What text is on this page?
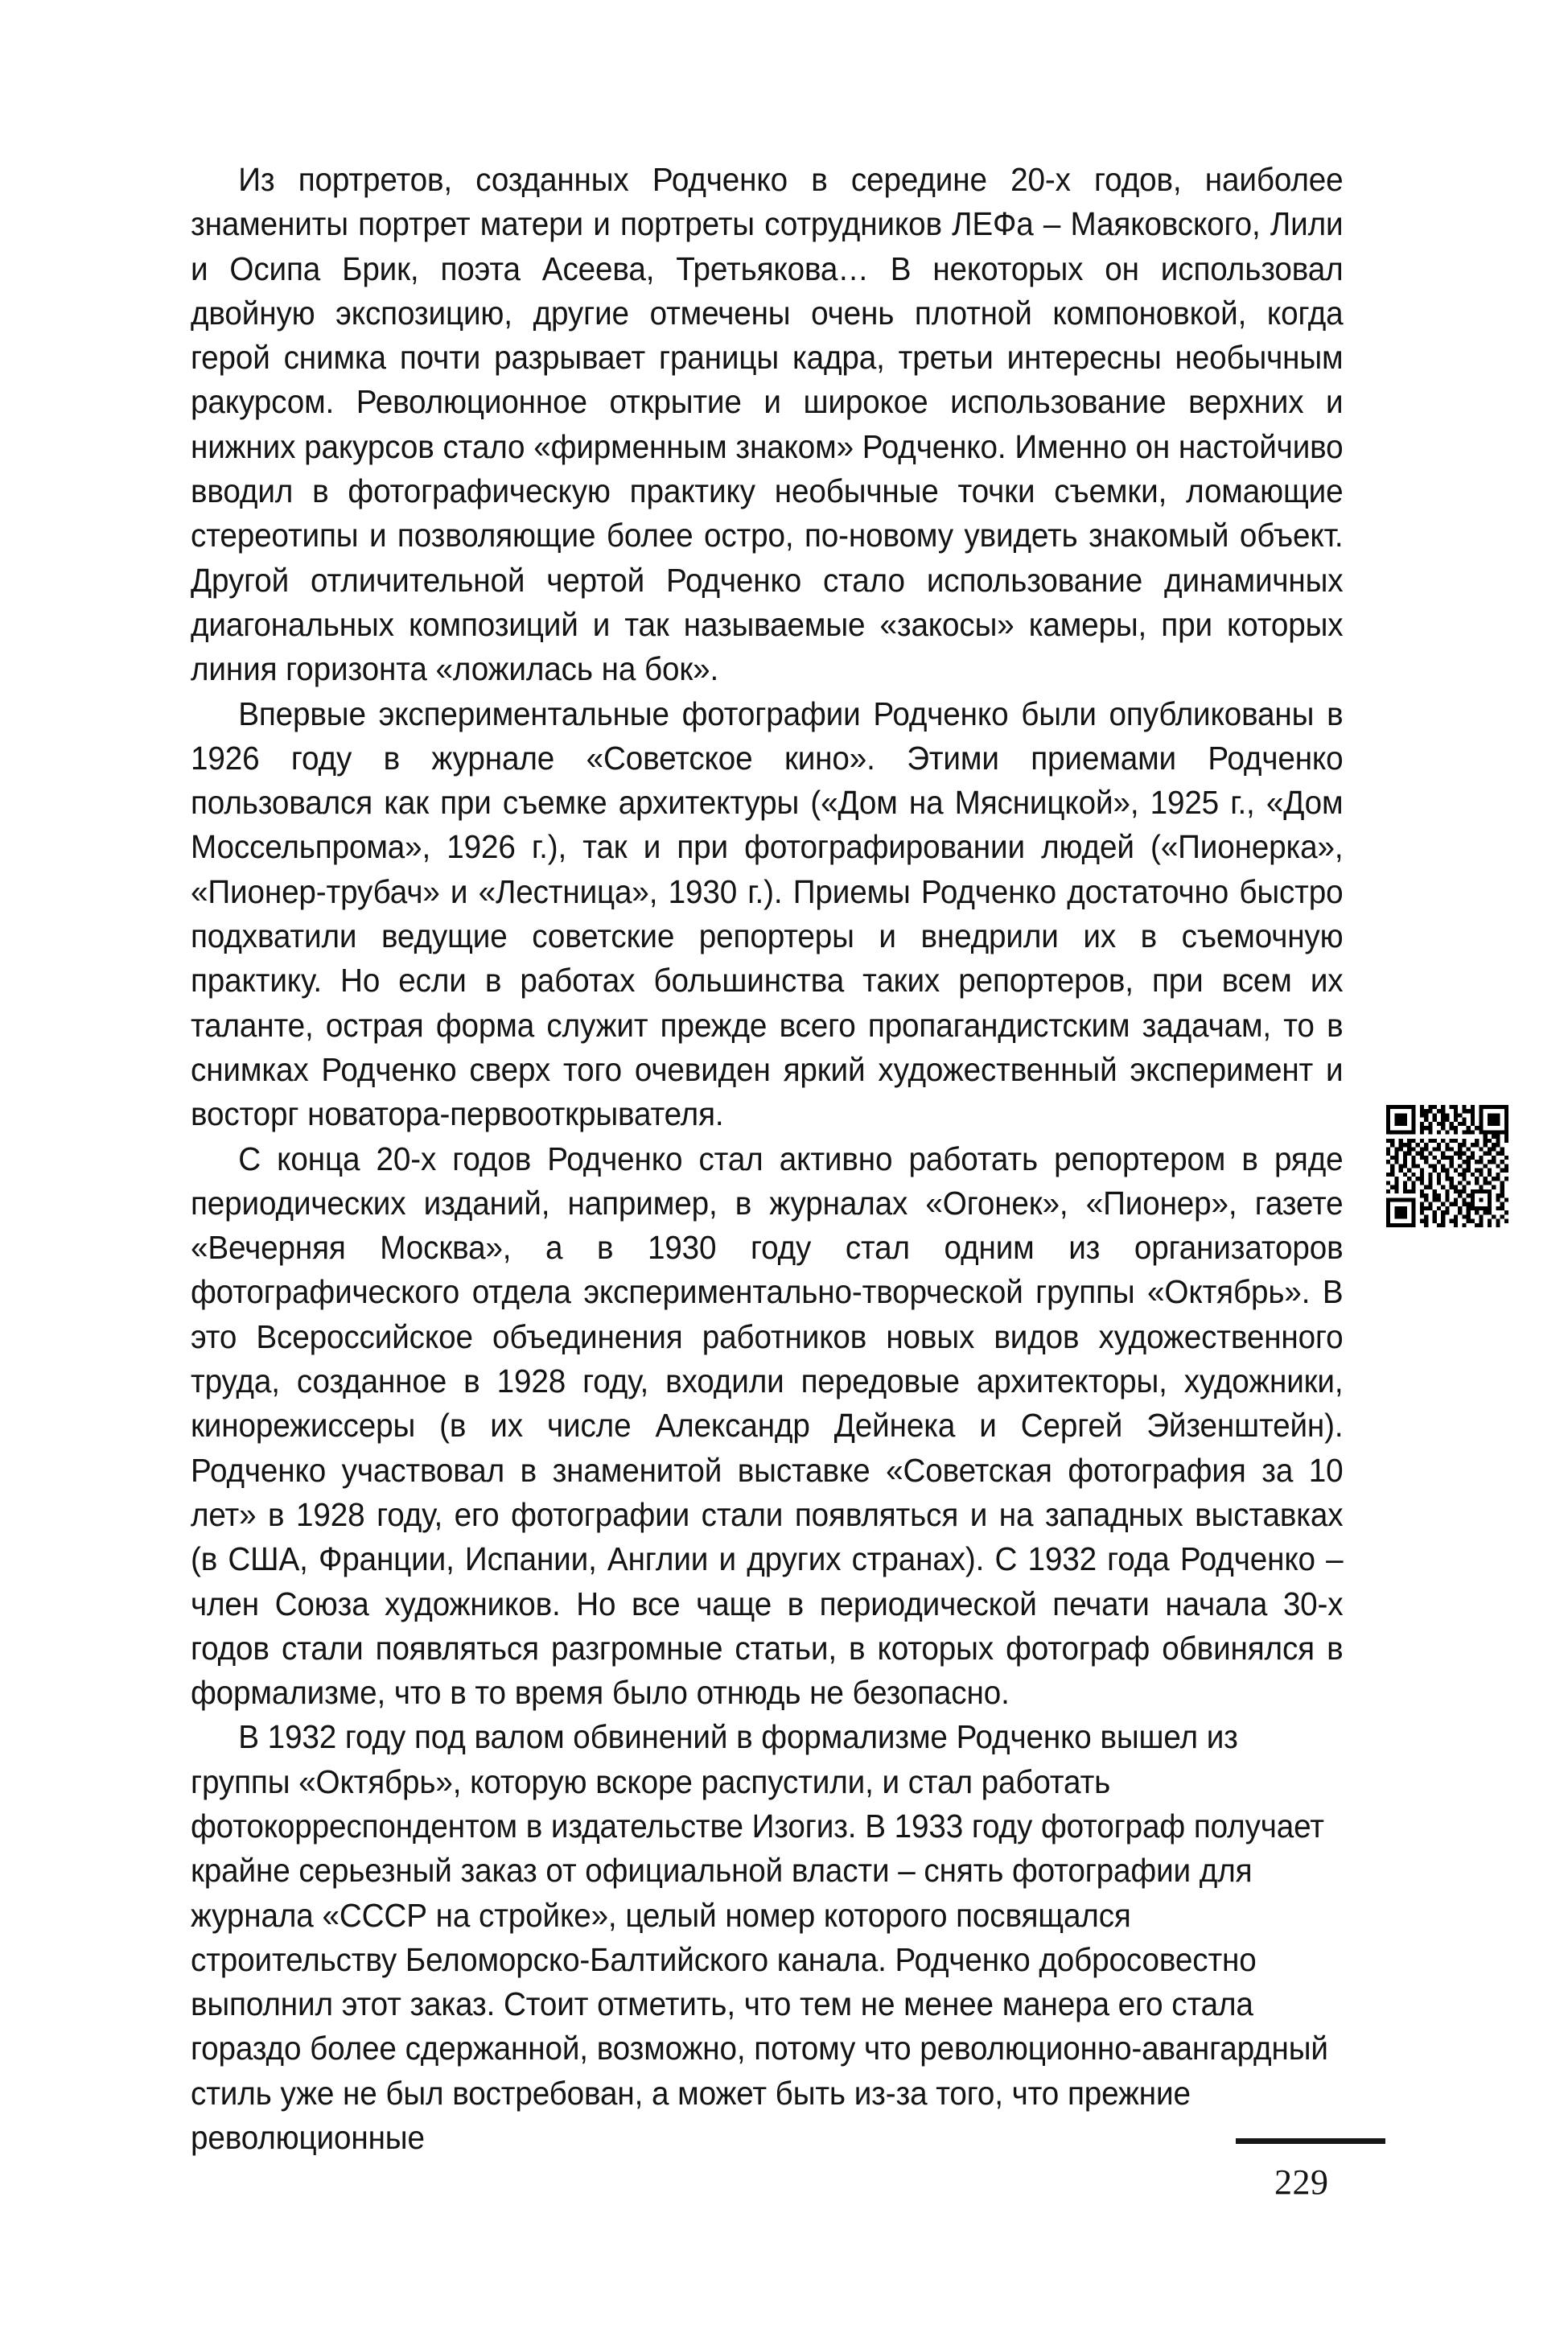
Из портретов, созданных Родченко в середине 20-х годов, наиболее знамениты портрет матери и портреты сотрудников ЛЕФа – Маяковского, Лили и Осипа Брик, поэта Асеева, Третьякова… В некоторых он использовал двойную экспозицию, другие отмечены очень плотной компоновкой, когда герой снимка почти разрывает границы кадра, третьи интересны необычным ракурсом. Революционное открытие и широкое использование верхних и нижних ракурсов стало «фирменным знаком» Родченко. Именно он настойчиво вводил в фотографическую практику необычные точки съемки, ломающие стереотипы и позволяющие более остро, по-новому увидеть знакомый объект. Другой отличительной чертой Родченко стало использование динамичных диагональных композиций и так называемые «закосы» камеры, при которых линия горизонта «ложилась на бок».

Впервые экспериментальные фотографии Родченко были опубликованы в 1926 году в журнале «Советское кино». Этими приемами Родченко пользовался как при съемке архитектуры («Дом на Мясницкой», 1925 г., «Дом Моссельпрома», 1926 г.), так и при фотографировании людей («Пионерка», «Пионер-трубач» и «Лестница», 1930 г.). Приемы Родченко достаточно быстро подхватили ведущие советские репортеры и внедрили их в съемочную практику. Но если в работах большинства таких репортеров, при всем их таланте, острая форма служит прежде всего пропагандистским задачам, то в снимках Родченко сверх того очевиден яркий художественный эксперимент и восторг новатора-первооткрывателя.

С конца 20-х годов Родченко стал активно работать репортером в ряде периодических изданий, например, в журналах «Огонек», «Пионер», газете «Вечерняя Москва», а в 1930 году стал одним из организаторов фотографического отдела экспериментально-творческой группы «Октябрь». В это Всероссийское объединения работников новых видов художественного труда, созданное в 1928 году, входили передовые архитекторы, художники, кинорежиссеры (в их числе Александр Дейнека и Сергей Эйзенштейн). Родченко участвовал в знаменитой выставке «Советская фотография за 10 лет» в 1928 году, его фотографии стали появляться и на западных выставках (в США, Франции, Испании, Англии и других странах). С 1932 года Родченко – член Союза художников. Но все чаще в периодической печати начала 30-х годов стали появляться разгромные статьи, в которых фотограф обвинялся в формализме, что в то время было отнюдь не безопасно.

В 1932 году под валом обвинений в формализме Родченко вышел из группы «Октябрь», которую вскоре распустили, и стал работать фотокорреспондентом в издательстве Изогиз. В 1933 году фотограф получает крайне серьезный заказ от официальной власти – снять фотографии для журнала «СССР на стройке», целый номер которого посвящался строительству Беломорско-Балтийского канала. Родченко добросовестно выполнил этот заказ. Стоит отметить, что тем не менее манера его стала гораздо более сдержанной, возможно, потому что революционно-авангардный стиль уже не был востребован, а может быть из-за того, что прежние революционные

229
